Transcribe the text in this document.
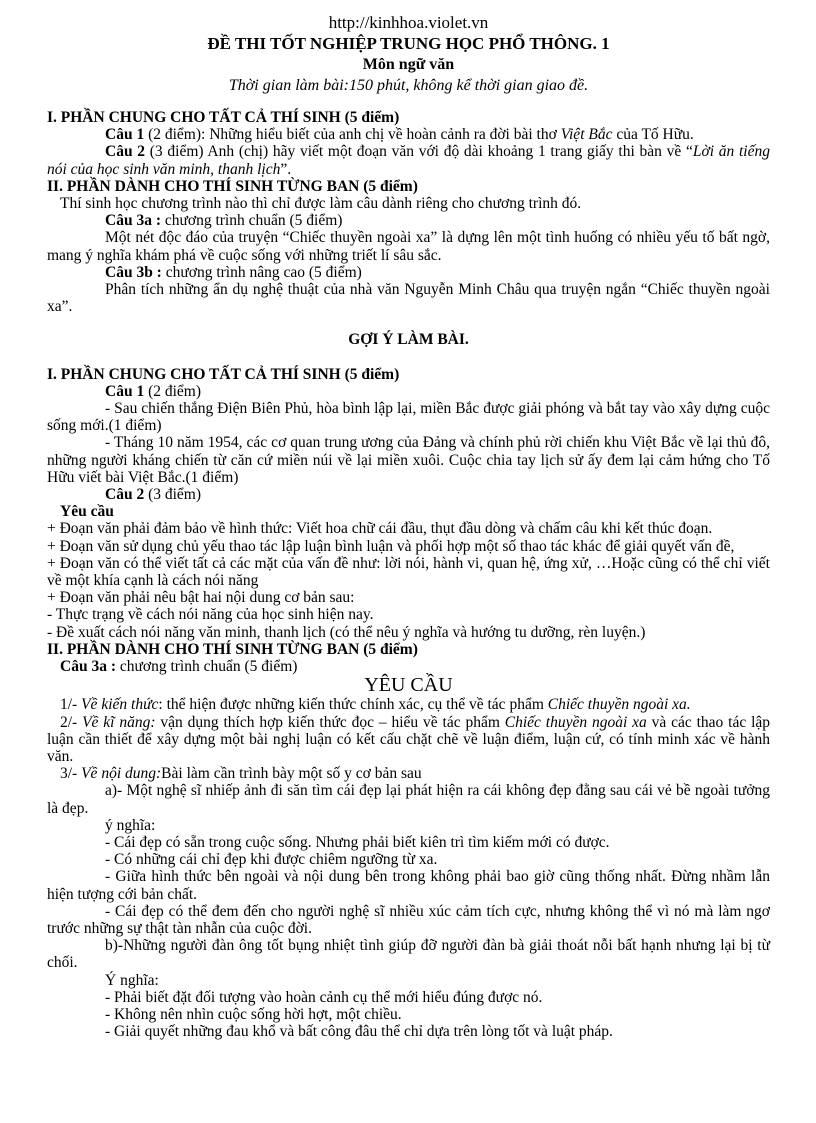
http://kinhhoa.violet.vn

ĐỀ THI TỐT NGHIỆP TRUNG HỌC PHỔ THÔNG. 1

Môn ngữ văn

Thời gian làm bài:150 phút, không kể thời gian giao đề.

I. PHẦN CHUNG CHO TẤT CẢ THÍ SINH (5 điểm)

Câu 1 (2 điểm): Những hiểu biết của anh chị về hoàn cảnh ra đời bài thơ Việt Bắc của Tố Hữu.

Câu 2 (3 điểm) Anh (chị) hãy viết một đoạn văn với độ dài khoảng 1 trang giấy thi bàn về “Lời ăn tiếng nói của học sinh văn minh, thanh lịch”.

II. PHẦN DÀNH CHO THÍ SINH TỪNG BAN (5 điểm)

Thí sinh học chương trình nào thì chỉ được làm câu dành riêng cho chương trình đó.

Câu 3a : chương trình chuẩn (5 điểm)

Một nét độc đáo của truyện “Chiếc thuyền ngoài xa” là dựng lên một tình huống có nhiều yếu tố bất ngờ, mang ý nghĩa khám phá về cuộc sống với những triết lí sâu sắc.

Câu 3b : chương trình nâng cao (5 điểm)

Phân tích những ẩn dụ nghệ thuật của nhà văn Nguyễn Minh Châu qua truyện ngắn “Chiếc thuyền ngoài xa”.

GỢI Ý LÀM BÀI.

I. PHẦN CHUNG CHO TẤT CẢ THÍ SINH (5 điểm)

Câu 1 (2 điểm)

- Sau chiến thắng Điện Biên Phủ, hòa bình lập lại, miền Bắc được giải phóng và bắt tay vào xây dựng cuộc sống mới.(1 điểm)

- Tháng 10 năm 1954, các cơ quan trung ương của Đảng và chính phủ rời chiến khu Việt Bắc về lại thủ đô, những người kháng chiến từ căn cứ miền núi về lại miền xuôi. Cuộc chia tay lịch sử ấy đem lại cảm hứng cho Tố Hữu viết bài Việt Bắc.(1 điểm)

Câu 2 (3 điểm)

Yêu cầu

+ Đoạn văn phải đảm bảo về hình thức: Viết hoa chữ cái đầu, thụt đầu dòng và chấm câu khi kết thúc đoạn.

+ Đoạn văn sử dụng chủ yếu thao tác lập luận bình luận và phối hợp một số thao tác khác để giải quyết vấn đề,

+ Đoạn văn có thể viết tất cả các mặt của vấn đề như: lời nói, hành vi, quan hệ, ứng xử, …Hoặc cũng có thể chỉ viết về một khía cạnh là cách nói năng

+ Đoạn văn phải nêu bật hai nội dung cơ bản sau:

- Thực trạng về cách nói năng của học sinh hiện nay.

- Đề xuất cách nói năng văn minh, thanh lịch (có thể nêu ý nghĩa và hướng tu dưỡng, rèn luyện.)

II. PHẦN DÀNH CHO THÍ SINH TỪNG BAN (5 điểm)

Câu 3a : chương trình chuẩn (5 điểm)

YÊU CẦU

1/- Về kiến thức: thể hiện được những kiến thức chính xác, cụ thể về tác phẩm Chiếc thuyền ngoài xa.

2/- Về kĩ năng: vận dụng thích hợp kiến thức đọc – hiểu về tác phẩm Chiếc thuyền ngoài xa và các thao tác lập luận cần thiết để xây dựng một bài nghị luận có kết cấu chặt chẽ về luận điểm, luận cứ, có tính minh xác về hành văn.

3/- Về nội dung:Bài làm cần trình bày một số y cơ bản sau

a)- Một nghệ sĩ nhiếp ảnh đi săn tìm cái đẹp lại phát hiện ra cái không đẹp đằng sau cái vẻ bề ngoài tưởng là đẹp.

ý nghĩa:

- Cái đẹp có sẵn trong cuộc sống. Nhưng phải biết kiên trì tìm kiếm mới có được.

- Có những cái chỉ đẹp khi được chiêm ngưỡng từ xa.

- Giữa hình thức bên ngoài và nội dung bên trong không phải bao giờ cũng thống nhất. Đừng nhầm lẫn hiện tượng cới bản chất.

- Cái đẹp có thể đem đến cho người nghệ sĩ nhiều xúc cảm tích cực, nhưng không thể vì nó mà làm ngơ trước những sự thật tàn nhẫn của cuộc đời.

b)-Những người đàn ông tốt bụng nhiệt tình giúp đỡ người đàn bà giải thoát nỗi bất hạnh nhưng lại bị từ chối.

Ý nghĩa:

- Phải biết đặt đối tượng vào hoàn cảnh cụ thể mới hiểu đúng được nó.

- Không nên nhìn cuộc sống hời hợt, một chiều.

- Giải quyết những đau khổ và bất công đâu thể chỉ dựa trên lòng tốt và luật pháp.
